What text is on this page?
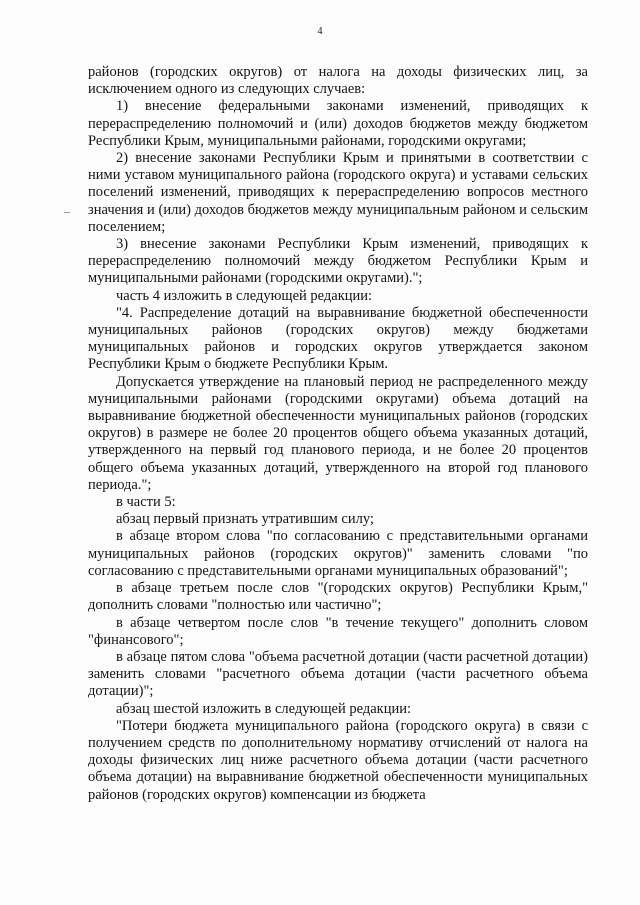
4

районов (городских округов) от налога на доходы физических лиц, за исключением одного из следующих случаев:

1) внесение федеральными законами изменений, приводящих к перераспределению полномочий и (или) доходов бюджетов между бюджетом Республики Крым, муниципальными районами, городскими округами;

2) внесение законами Республики Крым и принятыми в соответствии с ними уставом муниципального района (городского округа) и уставами сельских поселений изменений, приводящих к перераспределению вопросов местного значения и (или) доходов бюджетов между муниципальным районом и сельским поселением;

3) внесение законами Республики Крым изменений, приводящих к перераспределению полномочий между бюджетом Республики Крым и муниципальными районами (городскими округами).";

часть 4 изложить в следующей редакции:

"4. Распределение дотаций на выравнивание бюджетной обеспеченности муниципальных районов (городских округов) между бюджетами муниципальных районов и городских округов утверждается законом Республики Крым о бюджете Республики Крым.

Допускается утверждение на плановый период не распределенного между муниципальными районами (городскими округами) объема дотаций на выравнивание бюджетной обеспеченности муниципальных районов (городских округов) в размере не более 20 процентов общего объема указанных дотаций, утвержденного на первый год планового периода, и не более 20 процентов общего объема указанных дотаций, утвержденного на второй год планового периода.";

в части 5:

абзац первый признать утратившим силу;

в абзаце втором слова "по согласованию с представительными органами муниципальных районов (городских округов)" заменить словами "по согласованию с представительными органами муниципальных образований";

в абзаце третьем после слов "(городских округов) Республики Крым," дополнить словами "полностью или частично";

в абзаце четвертом после слов "в течение текущего" дополнить словом "финансового";

в абзаце пятом слова "объема расчетной дотации (части расчетной дотации) заменить словами "расчетного объема дотации (части расчетного объема дотации)";

абзац шестой изложить в следующей редакции:

"Потери бюджета муниципального района (городского округа) в связи с получением средств по дополнительному нормативу отчислений от налога на доходы физических лиц ниже расчетного объема дотации (части расчетного объема дотации) на выравнивание бюджетной обеспеченности муниципальных районов (городских округов) компенсации из бюджета
